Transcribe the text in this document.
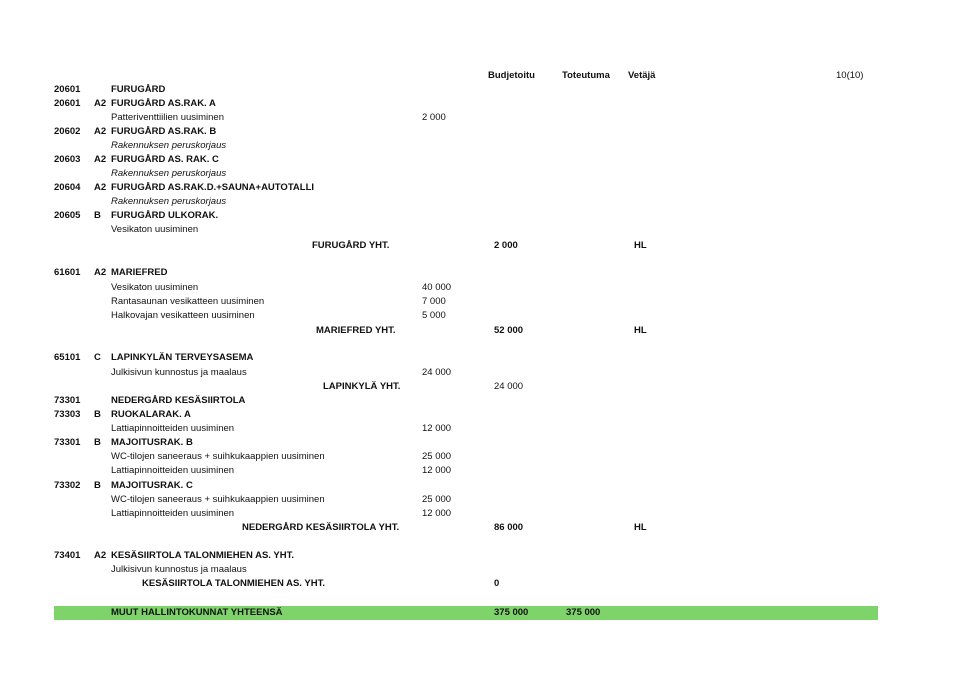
Budjetoitu	Toteutuma Vetäjä	10(10)
20601	FURUGÅRD
20601 A2 FURUGÅRD AS.RAK. A
Patteriventtiilien uusiminen	2 000
20602 A2 FURUGÅRD AS.RAK. B
Rakennuksen peruskorjaus
20603 A2 FURUGÅRD AS. RAK. C
Rakennuksen peruskorjaus
20604 A2 FURUGÅRD AS.RAK.D.+SAUNA+AUTOTALLI
Rakennuksen peruskorjaus
20605 B FURUGÅRD ULKORAK.
Vesikaton uusiminen
FURUGÅRD YHT.	2 000	HL
61601 A2 MARIEFRED
Vesikaton uusiminen	40 000
Rantasaunan vesikatteen uusiminen	7 000
Halkovajan vesikatteen uusiminen	5 000
MARIEFRED YHT.	52 000	HL
65101 C LAPINKYLÄN TERVEYSASEMA
Julkisivun kunnostus ja maalaus	24 000
LAPINKYLÄ YHT.	24 000
73301	NEDERGÅRD KESÄSIIRTOLA
73303 B RUOKALARAK. A
Lattiapinnoitteiden uusiminen	12 000
73301 B MAJOITUSRAK. B
WC-tilojen saneeraus + suihkukaappien uusiminen	25 000
Lattiapinnoitteiden uusiminen	12 000
73302 B MAJOITUSRAK. C
WC-tilojen saneeraus + suihkukaappien uusiminen	25 000
Lattiapinnoitteiden uusiminen	12 000
NEDERGÅRD KESÄSIIRTOLA YHT.	86 000	HL
73401 A2 KESÄSIIRTOLA TALONMIEHEN AS. YHT.
Julkisivun kunnostus ja maalaus
KESÄSIIRTOLA TALONMIEHEN AS. YHT.	0
MUUT HALLINTOKUNNAT YHTEENSÄ	375 000	375 000
